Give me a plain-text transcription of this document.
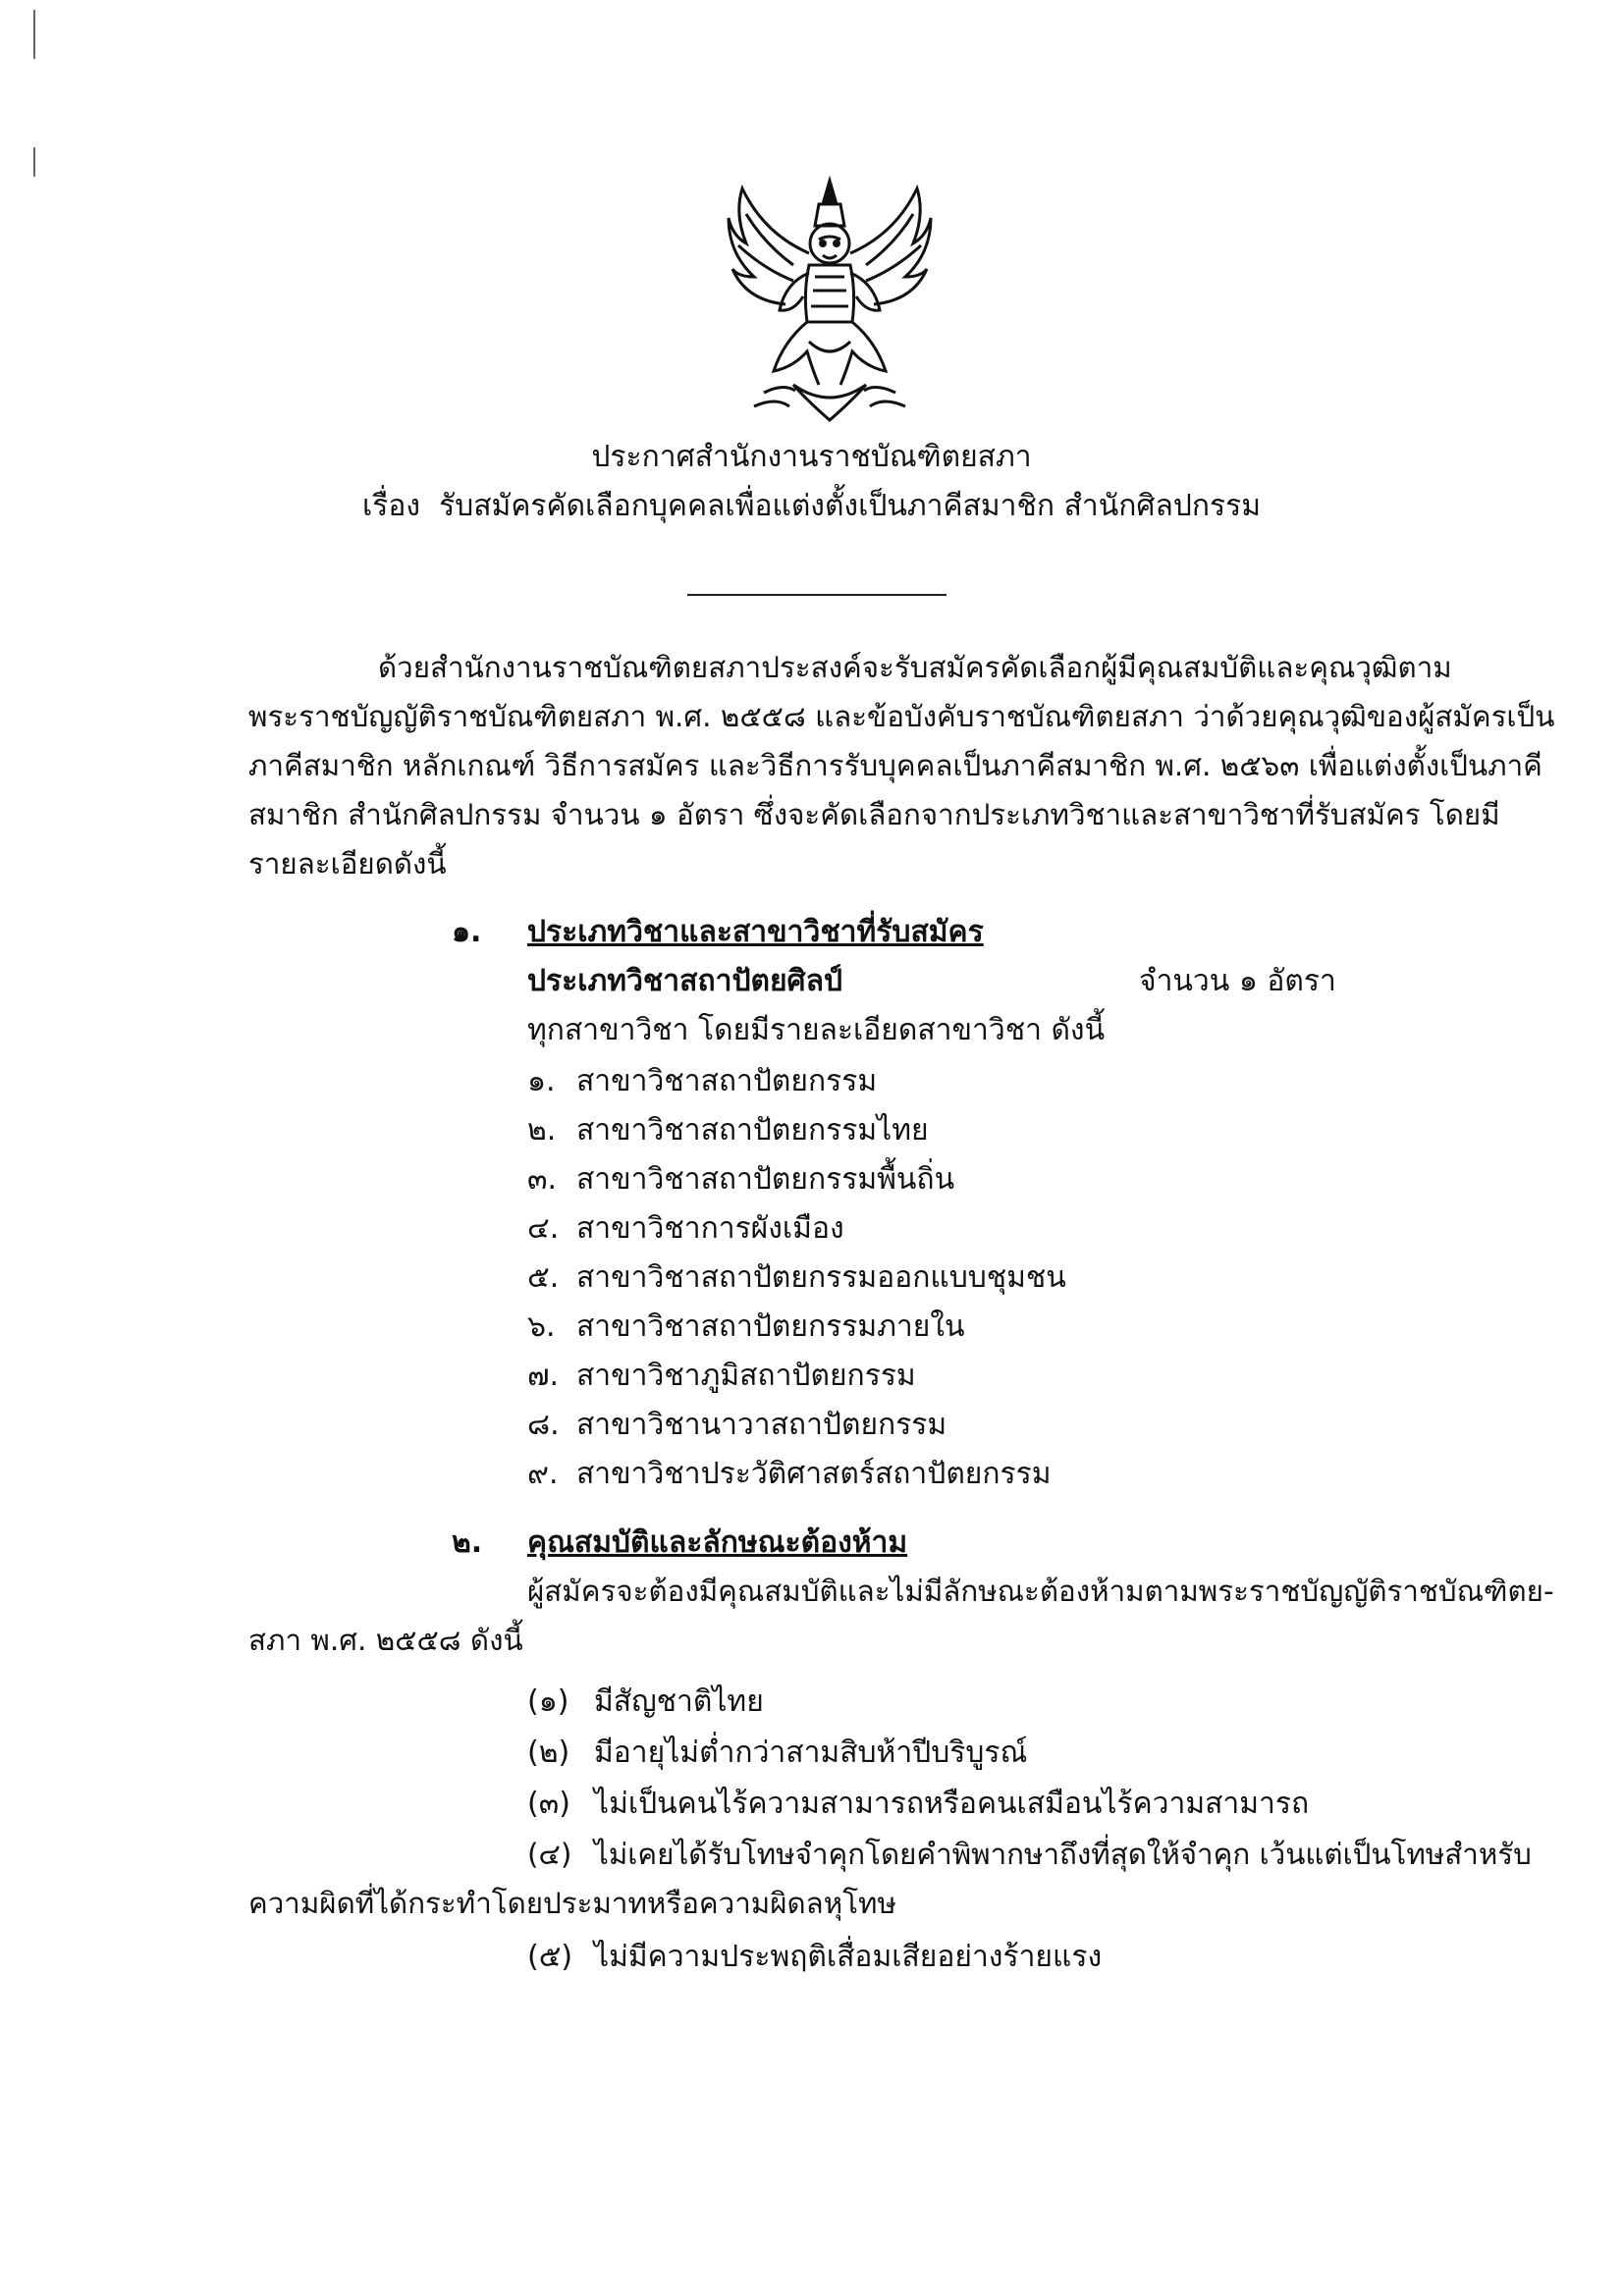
ประกาศสำนักงานราชบัณฑิตยสภา
เรื่อง รับสมัครคัดเลือกบุคคลเพื่อแต่งตั้งเป็นภาคีสมาชิก สำนักศิลปกรรม
ด้วยสำนักงานราชบัณฑิตยสภาประสงค์จะรับสมัครคัดเลือกผู้มีคุณสมบัติและคุณวุฒิตาม
พระราชบัญญัติราชบัณฑิตยสภา พ.ศ. ๒๕๕๘ และข้อบังคับราชบัณฑิตยสภา ว่าด้วยคุณวุฒิของผู้สมัครเป็น
ภาคีสมาชิก หลักเกณฑ์ วิธีการสมัคร และวิธีการรับบุคคลเป็นภาคีสมาชิก พ.ศ. ๒๕๖๓ เพื่อแต่งตั้งเป็นภาคี
สมาชิก สำนักศิลปกรรม จำนวน ๑ อัตรา ซึ่งจะคัดเลือกจากประเภทวิชาและสาขาวิชาที่รับสมัคร โดยมี
รายละเอียดดังนี้
๑. ประเภทวิชาและสาขาวิชาที่รับสมัคร
ประเภทวิชาสถาปัตยศิลป์	จำนวน ๑ อัตรา
ทุกสาขาวิชา โดยมีรายละเอียดสาขาวิชา ดังนี้
๑. สาขาวิชาสถาปัตยกรรม
๒. สาขาวิชาสถาปัตยกรรมไทย
๓. สาขาวิชาสถาปัตยกรรมพื้นถิ่น
๔. สาขาวิชาการผังเมือง
๕. สาขาวิชาสถาปัตยกรรมออกแบบชุมชน
๖. สาขาวิชาสถาปัตยกรรมภายใน
๗. สาขาวิชาภูมิสถาปัตยกรรม
๘. สาขาวิชานาวาสถาปัตยกรรม
๙. สาขาวิชาประวัติศาสตร์สถาปัตยกรรม
๒. คุณสมบัติและลักษณะต้องห้าม
ผู้สมัครจะต้องมีคุณสมบัติและไม่มีลักษณะต้องห้ามตามพระราชบัญญัติราชบัณฑิตย-
สภา พ.ศ. ๒๕๕๘ ดังนี้
(๑) มีสัญชาติไทย
(๒) มีอายุไม่ต่ำกว่าสามสิบห้าปีบริบูรณ์
(๓) ไม่เป็นคนไร้ความสามารถหรือคนเสมือนไร้ความสามารถ
(๔) ไม่เคยได้รับโทษจำคุกโดยคำพิพากษาถึงที่สุดให้จำคุก เว้นแต่เป็นโทษสำหรับ
ความผิดที่ได้กระทำโดยประมาทหรือความผิดลหุโทษ
(๕) ไม่มีความประพฤติเสื่อมเสียอย่างร้ายแรง
